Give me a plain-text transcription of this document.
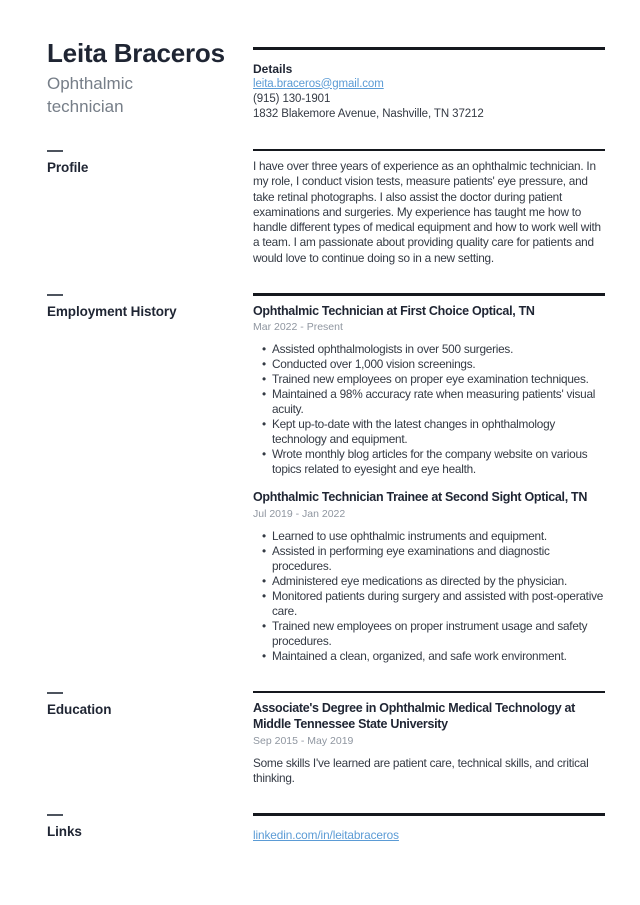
Leita Braceros
Ophthalmic technician
Details
leita.braceros@gmail.com
(915) 130-1901
1832 Blakemore Avenue, Nashville, TN 37212
Profile	I have over three years of experience as an ophthalmic technician. In my role, I conduct vision tests, measure patients' eye pressure, and take retinal photographs. I also assist the doctor during patient examinations and surgeries. My experience has taught me how to handle different types of medical equipment and how to work well with a team. I am passionate about providing quality care for patients and would love to continue doing so in a new setting.
Employment History	Ophthalmic Technician at First Choice Optical, TN
Mar 2022 - Present
• Assisted ophthalmologists in over 500 surgeries.
• Conducted over 1,000 vision screenings.
• Trained new employees on proper eye examination techniques.
• Maintained a 98% accuracy rate when measuring patients' visual acuity.
• Kept up-to-date with the latest changes in ophthalmology technology and equipment.
• Wrote monthly blog articles for the company website on various topics related to eyesight and eye health.
Ophthalmic Technician Trainee at Second Sight Optical, TN
Jul 2019 - Jan 2022
• Learned to use ophthalmic instruments and equipment.
• Assisted in performing eye examinations and diagnostic procedures.
• Administered eye medications as directed by the physician.
• Monitored patients during surgery and assisted with post-operative care.
• Trained new employees on proper instrument usage and safety procedures.
• Maintained a clean, organized, and safe work environment.
Education	Associate's Degree in Ophthalmic Medical Technology at Middle Tennessee State University
Sep 2015 - May 2019
Some skills I've learned are patient care, technical skills, and critical thinking.
Links	linkedin.com/in/leitabraceros
